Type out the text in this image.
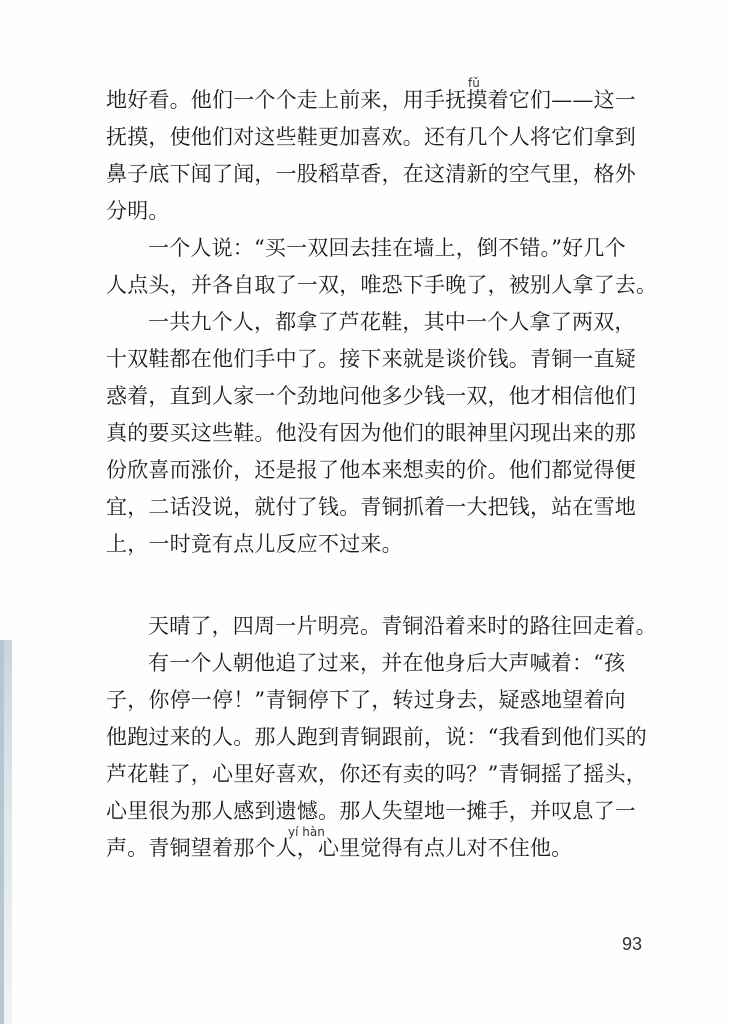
fǔ
yí hàn
地好看。他们一个个走上前来，用手抚摸着它们——这一
抚摸，使他们对这些鞋更加喜欢。还有几个人将它们拿到
鼻子底下闻了闻，一股稻草香，在这清新的空气里，格外
分明。
一个人说：“买一双回去挂在墙上，倒不错。”好几个
人点头，并各自取了一双，唯恐下手晚了，被别人拿了去。
一共九个人，都拿了芦花鞋，其中一个人拿了两双，
十双鞋都在他们手中了。接下来就是谈价钱。青铜一直疑
惑着，直到人家一个劲地问他多少钱一双，他才相信他们
真的要买这些鞋。他没有因为他们的眼神里闪现出来的那
份欣喜而涨价，还是报了他本来想卖的价。他们都觉得便
宜，二话没说，就付了钱。青铜抓着一大把钱，站在雪地
上，一时竟有点儿反应不过来。
天晴了，四周一片明亮。青铜沿着来时的路往回走着。
有一个人朝他追了过来，并在他身后大声喊着：“孩
子，你停一停！”青铜停下了，转过身去，疑惑地望着向
他跑过来的人。那人跑到青铜跟前，说：“我看到他们买的
芦花鞋了，心里好喜欢，你还有卖的吗？”青铜摇了摇头，
心里很为那人感到遗憾。那人失望地一摊手，并叹息了一
声。青铜望着那个人，心里觉得有点儿对不住他。
93
